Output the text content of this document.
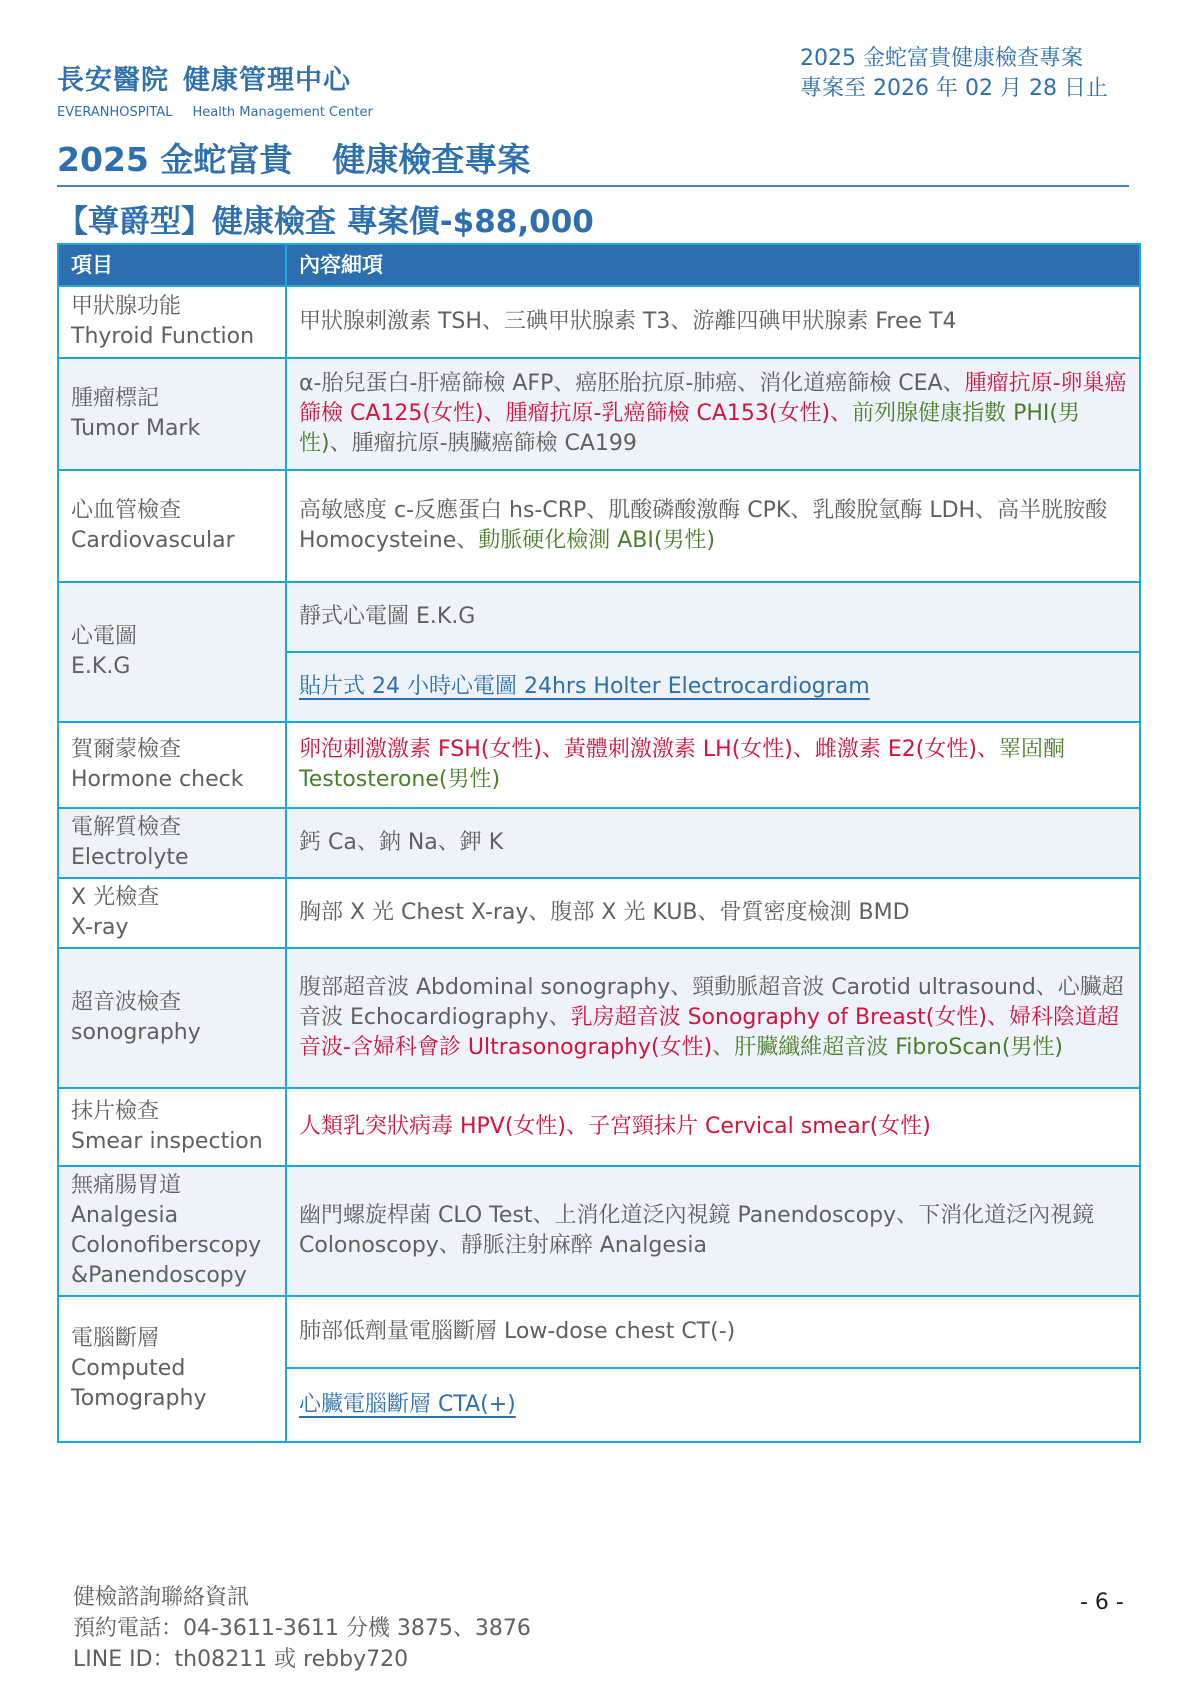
長安醫院 健康管理中心
EVERANHOSPITAL Health Management Center
2025 金蛇富貴健康檢查專案
專案至 2026 年 02 月 28 日止
2025 金蛇富貴 健康檢查專案
【尊爵型】健康檢查 專案價-$88,000
項目	內容細項

甲狀腺功能
Thyroid Function	甲狀腺刺激素 TSH、三碘甲狀腺素 T3、游離四碘甲狀腺素 Free T4

腫瘤標記
Tumor Mark	α-胎兒蛋白-肝癌篩檢 AFP、癌胚胎抗原-肺癌、消化道癌篩檢 CEA、腫瘤抗原-卵巢癌篩檢 CA125(女性)、腫瘤抗原-乳癌篩檢 CA153(女性)、前列腺健康指數 PHI(男性)、腫瘤抗原-胰臟癌篩檢 CA199

心血管檢查
Cardiovascular	高敏感度 c-反應蛋白 hs-CRP、肌酸磷酸激酶 CPK、乳酸脫氫酶 LDH、高半胱胺酸 Homocysteine、動脈硬化檢測 ABI(男性)

心電圖
E.K.G	靜式心電圖 E.K.G
	貼片式 24 小時心電圖 24hrs Holter Electrocardiogram

賀爾蒙檢查
Hormone check	卵泡刺激激素 FSH(女性)、黃體刺激激素 LH(女性)、雌激素 E2(女性)、睪固酮 Testosterone(男性)

電解質檢查
Electrolyte	鈣 Ca、鈉 Na、鉀 K

X 光檢查
X-ray	胸部 X 光 Chest X-ray、腹部 X 光 KUB、骨質密度檢測 BMD

超音波檢查
sonography	腹部超音波 Abdominal sonography、頸動脈超音波 Carotid ultrasound、心臟超音波 Echocardiography、乳房超音波 Sonography of Breast(女性)、婦科陰道超音波-含婦科會診 Ultrasonography(女性)、肝臟纖維超音波 FibroScan(男性)

抹片檢查
Smear inspection	人類乳突狀病毒 HPV(女性)、子宮頸抹片 Cervical smear(女性)

無痛腸胃道
Analgesia
Colonofiberscopy
&Panendoscopy	幽門螺旋桿菌 CLO Test、上消化道泛內視鏡 Panendoscopy、下消化道泛內視鏡 Colonoscopy、靜脈注射麻醉 Analgesia

電腦斷層
Computed
Tomography	肺部低劑量電腦斷層 Low-dose chest CT(-)
	心臟電腦斷層 CTA(+)
健檢諮詢聯絡資訊
預約電話：04-3611-3611 分機 3875、3876
LINE ID：th08211 或 rebby720
- 6 -
